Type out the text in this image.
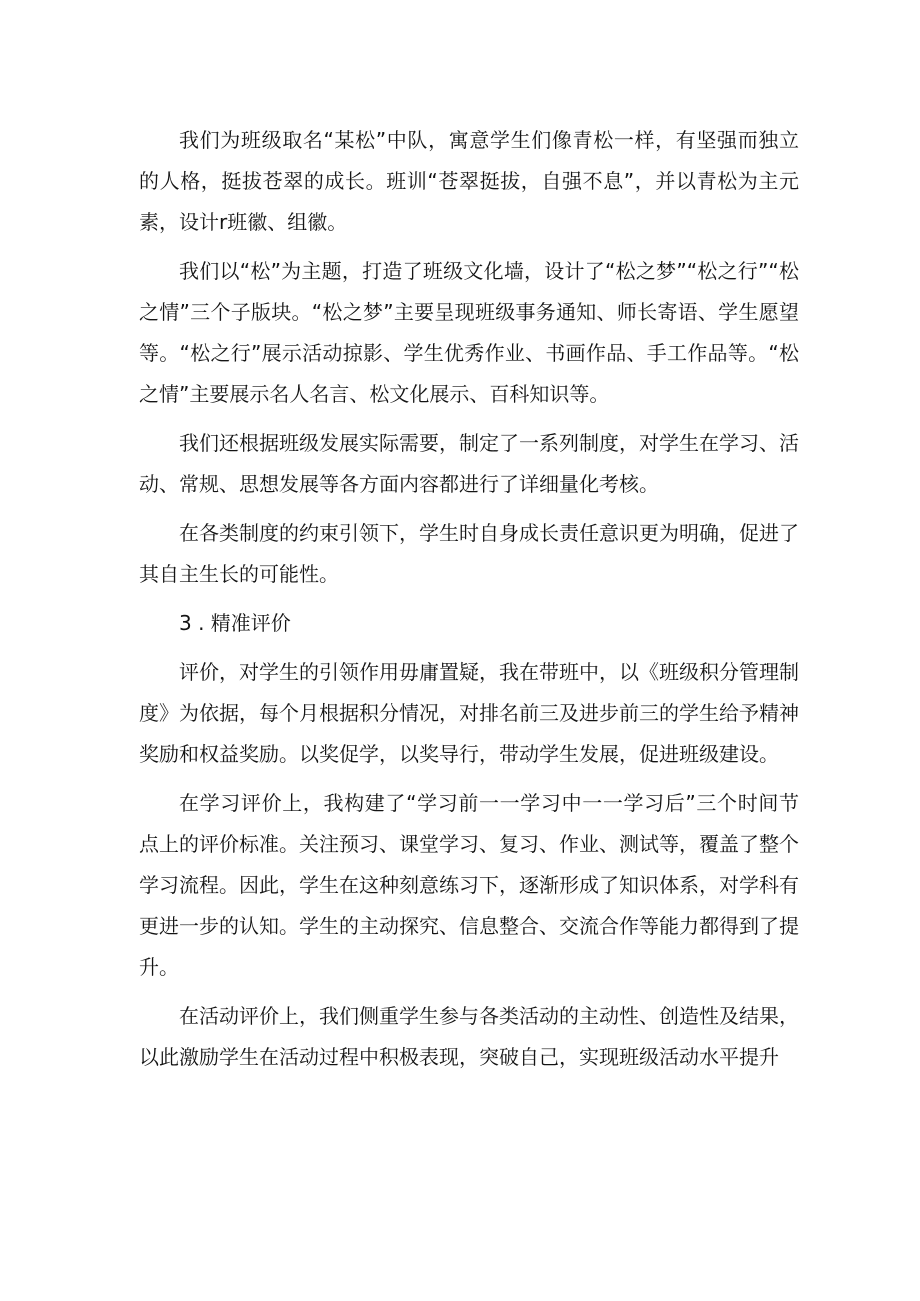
我们为班级取名“某松”中队，寓意学生们像青松一样，有坚强而独立的人格，挺拔苍翠的成长。班训“苍翠挺拔，自强不息”，并以青松为主元素，设计r班徽、组徽。

我们以“松”为主题，打造了班级文化墙，设计了“松之梦”“松之行”“松之情”三个子版块。“松之梦”主要呈现班级事务通知、师长寄语、学生愿望等。“松之行”展示活动掠影、学生优秀作业、书画作品、手工作品等。“松之情”主要展示名人名言、松文化展示、百科知识等。

我们还根据班级发展实际需要，制定了一系列制度，对学生在学习、活动、常规、思想发展等各方面内容都进行了详细量化考核。

在各类制度的约束引领下，学生时自身成长责任意识更为明确，促进了其自主生长的可能性。

3 . 精准评价

评价，对学生的引领作用毋庸置疑，我在带班中，以《班级积分管理制度》为依据，每个月根据积分情况，对排名前三及进步前三的学生给予精神奖励和权益奖励。以奖促学，以奖导行，带动学生发展，促进班级建设。

在学习评价上，我构建了“学习前一一学习中一一学习后”三个时间节点上的评价标准。关注预习、课堂学习、复习、作业、测试等，覆盖了整个学习流程。因此，学生在这种刻意练习下，逐渐形成了知识体系，对学科有更进一步的认知。学生的主动探究、信息整合、交流合作等能力都得到了提升。

在活动评价上，我们侧重学生参与各类活动的主动性、创造性及结果，以此激励学生在活动过程中积极表现，突破自己，实现班级活动水平提升
